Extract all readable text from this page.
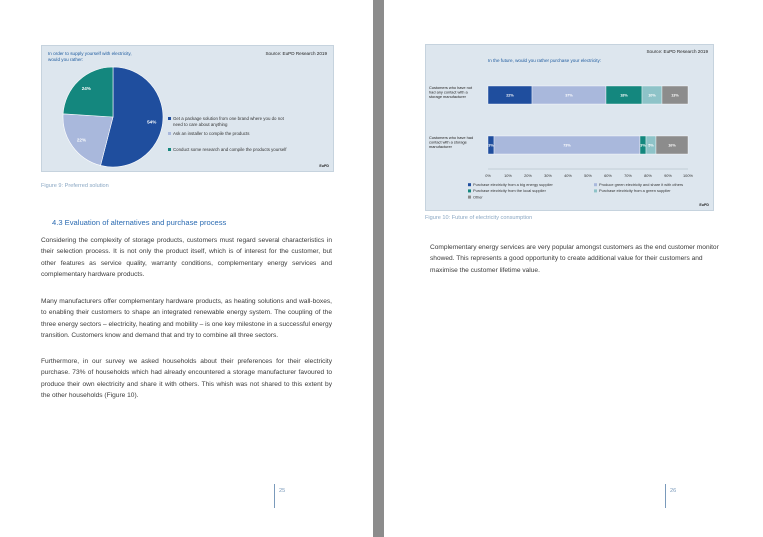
In order to supply yourself with electricity,
would you rather:
Source: EuPD Research 2019
54%
22%
24%
Get a package solution from one brand where you do not
need to care about anything
Ask an installer to compile the products
Conduct some research and compile the products yourself
EuPD
Figure 9: Preferred solution
4.3 Evaluation of alternatives and purchase process
Considering the complexity of storage products, customers must regard several characteristics in their selection process. It is not only the product itself, which is of interest for the customer, but other features as service quality, warranty conditions, complementary energy services and complementary hardware products.
Many manufacturers offer complementary hardware products, as heating solutions and wall-boxes, to enabling their customers to shape an integrated renewable energy system. The coupling of the three energy sectors – electricity, heating and mobility – is one key milestone in a successful energy transition. Customers know and demand that and try to combine all three sectors.
Furthermore, in our survey we asked households about their preferences for their electricity purchase. 73% of households which had already encountered a storage manufacturer favoured to produce their own electricity and share it with others. This whish was not shared to this extent by the other households (Figure 10).
25	26
Source: EuPD Research 2019
In the future, would you rather purchase your electricity:
Customers who have not had any contact with a storage manufacturer
Customers who have had contact with a storage manufacturer
22%	37%	18%	10%	13%
3%	73%	3% 5%	16%
0%	10%	20%	30%	40%	50%	60%	70%	80%	90%	100%
Purchase electricity from a big energy supplier	Produce green electricity and share it with others
Purchase electricity from the local supplier	Purchase electricity from a green supplier
Other
EuPD
Figure 10: Future of electricity consumption
Complementary energy services are very popular amongst customers as the end customer monitor showed. This represents a good opportunity to create additional value for their customers and maximise the customer lifetime value.
